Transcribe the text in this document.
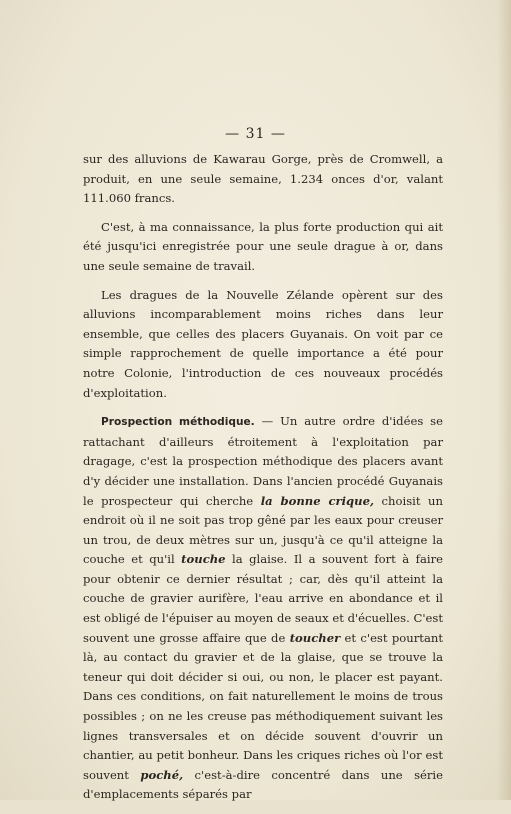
— 31 —

sur des alluvions de Kawarau Gorge, près de Cromwell, a produit, en une seule semaine, 1.234 onces d'or, valant 111.060 francs.

C'est, à ma connaissance, la plus forte production qui ait été jusqu'ici enregistrée pour une seule drague à or, dans une seule semaine de travail.

Les dragues de la Nouvelle Zélande opèrent sur des alluvions incomparablement moins riches dans leur ensemble, que celles des placers Guyanais. On voit par ce simple rapprochement de quelle importance a été pour notre Colonie, l'introduction de ces nouveaux procédés d'exploitation.

Prospection méthodique. — Un autre ordre d'idées se rattachant d'ailleurs étroitement à l'exploitation par dragage, c'est la prospection méthodique des placers avant d'y décider une installation. Dans l'ancien procédé Guyanais le prospecteur qui cherche la bonne crique, choisit un endroit où il ne soit pas trop gêné par les eaux pour creuser un trou, de deux mètres sur un, jusqu'à ce qu'il atteigne la couche et qu'il touche la glaise. Il a souvent fort à faire pour obtenir ce dernier résultat ; car, dès qu'il atteint la couche de gravier aurifère, l'eau arrive en abondance et il est obligé de l'épuiser au moyen de seaux et d'écuelles. C'est souvent une grosse affaire que de toucher et c'est pourtant là, au contact du gravier et de la glaise, que se trouve la teneur qui doit décider si oui, ou non, le placer est payant. Dans ces conditions, on fait naturellement le moins de trous possibles ; on ne les creuse pas méthodiquement suivant les lignes transversales et on décide souvent d'ouvrir un chantier, au petit bonheur. Dans les criques riches où l'or est souvent poché, c'est-à-dire concentré dans une série d'emplacements séparés par
